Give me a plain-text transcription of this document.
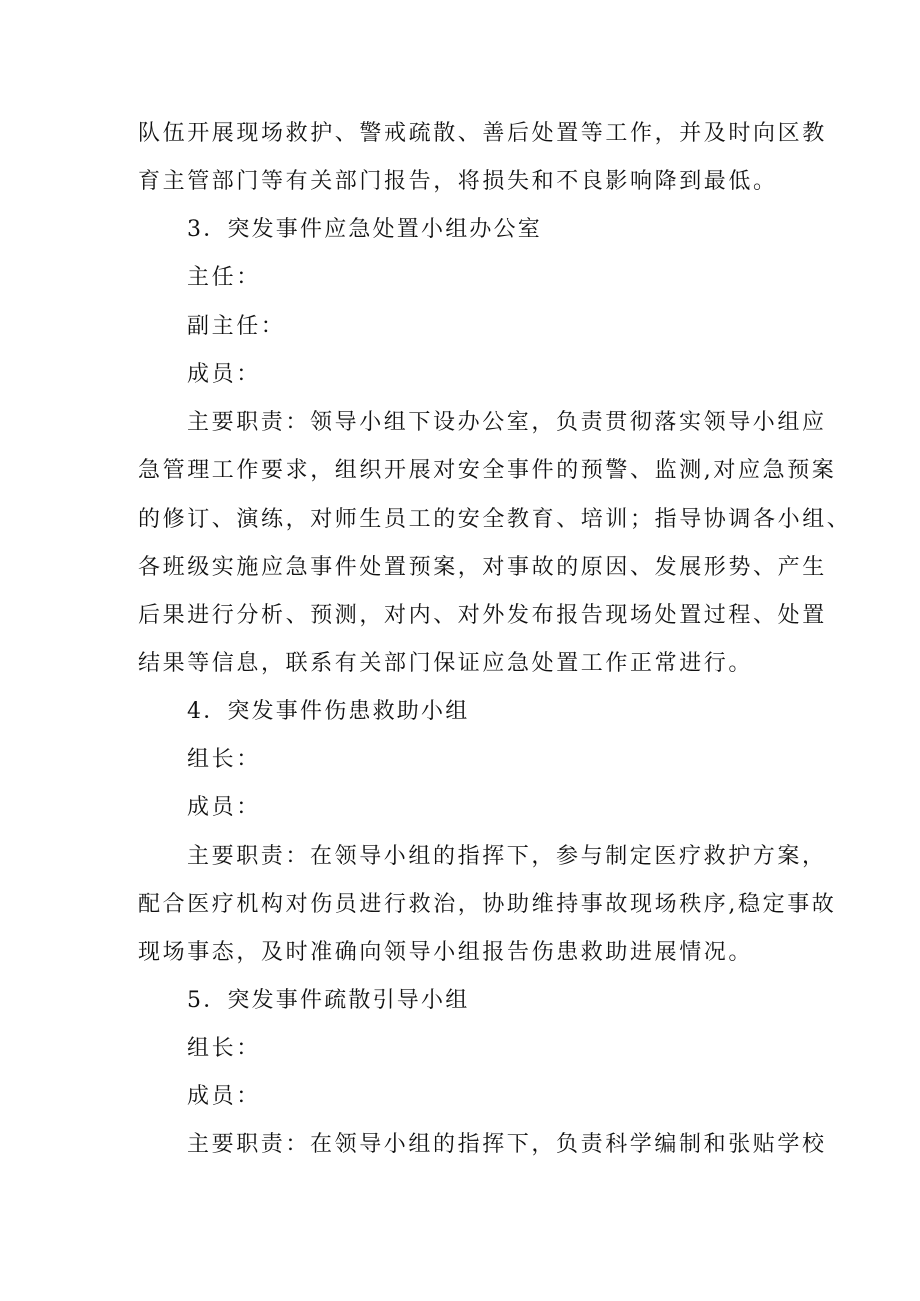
队伍开展现场救护、警戒疏散、善后处置等工作，并及时向区教
育主管部门等有关部门报告，将损失和不良影响降到最低。
3．突发事件应急处置小组办公室
主任：
副主任：
成员：
主要职责：领导小组下设办公室，负责贯彻落实领导小组应
急管理工作要求，组织开展对安全事件的预警、监测,对应急预案
的修订、演练，对师生员工的安全教育、培训；指导协调各小组、
各班级实施应急事件处置预案，对事故的原因、发展形势、产生
后果进行分析、预测，对内、对外发布报告现场处置过程、处置
结果等信息，联系有关部门保证应急处置工作正常进行。
4．突发事件伤患救助小组
组长：
成员：
主要职责：在领导小组的指挥下，参与制定医疗救护方案，
配合医疗机构对伤员进行救治，协助维持事故现场秩序,稳定事故
现场事态，及时准确向领导小组报告伤患救助进展情况。
5．突发事件疏散引导小组
组长：
成员：
主要职责：在领导小组的指挥下，负责科学编制和张贴学校
